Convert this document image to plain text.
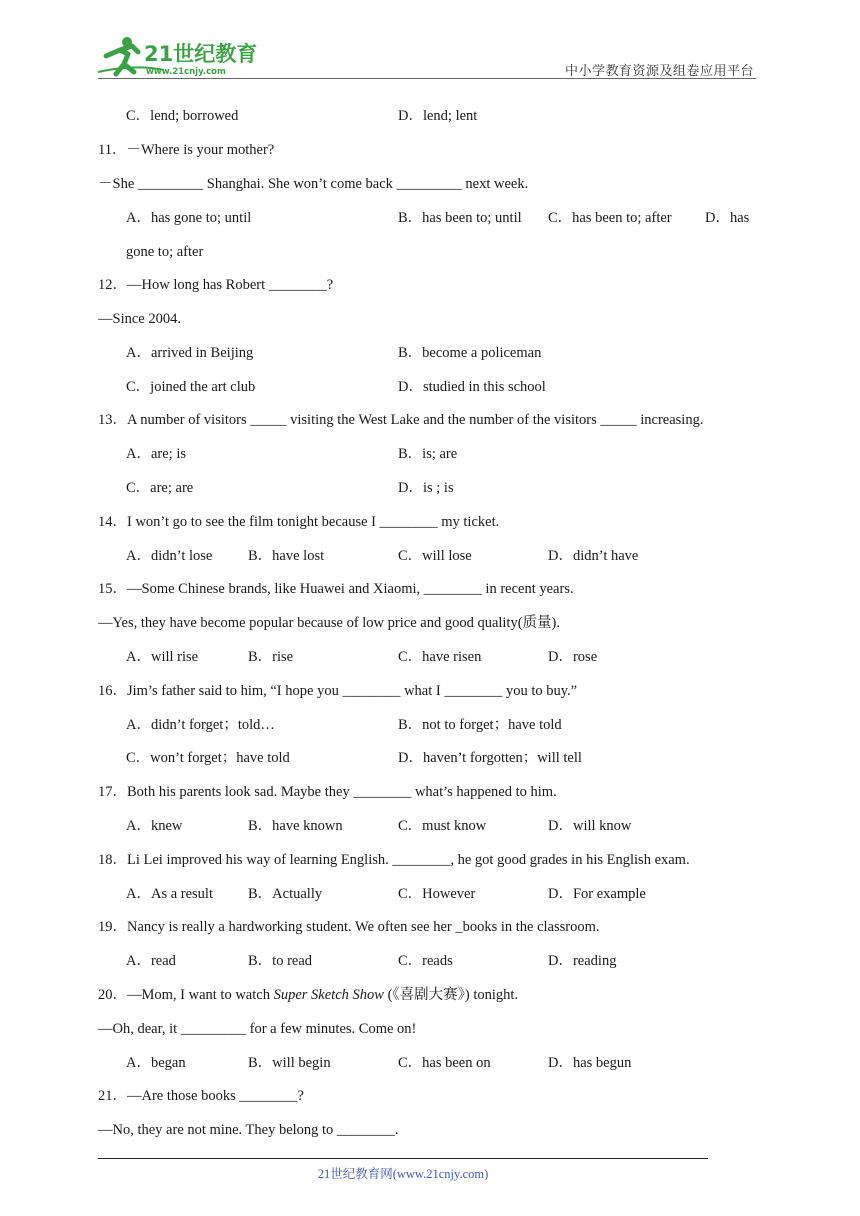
21世纪教育
www.21cnjy.com	中小学教育资源及组卷应用平台
C．lend; borrowed	D．lend; lent
11．－Where is your mother?
－She _________ Shanghai. She won’t come back _________ next week.
A．has gone to; until	B．has been to; until C．has been to; after D．has
gone to; after
12．—How long has Robert ________?
—Since 2004.
A．arrived in Beijing	B．become a policeman
C．joined the art club	D．studied in this school
13．A number of visitors _____ visiting the West Lake and the number of the visitors _____ increasing.
A．are; is	B．is; are
C．are; are	D．is ; is
14．I won’t go to see the film tonight because I ________ my ticket.
A．didn’t lose B．have lost	C．will lose	D．didn’t have
15．—Some Chinese brands, like Huawei and Xiaomi, ________ in recent years.
—Yes, they have become popular because of low price and good quality(质量).
A．will rise	B．rise	C．have risen	D．rose
16．Jim’s father said to him, “I hope you ________ what I ________ you to buy.”
A．didn’t forget；told…	B．not to forget；have told
C．won’t forget；have told	D．haven’t forgotten；will tell
17．Both his parents look sad. Maybe they ________ what’s happened to him.
A．knew	B．have known	C．must know	D．will know
18．Li Lei improved his way of learning English. ________, he got good grades in his English exam.
A．As a result B．Actually	C．However	D．For example
19．Nancy is really a hardworking student. We often see her _books in the classroom.
A．read	B．to read	C．reads	D．reading
20．—Mom, I want to watch Super Sketch Show (《喜剧大赛》) tonight.
—Oh, dear, it _________ for a few minutes. Come on!
A．began	B．will begin	C．has been on	D．has begun
21．—Are those books ________?
—No, they are not mine. They belong to ________.
21世纪教育网(www.21cnjy.com)
